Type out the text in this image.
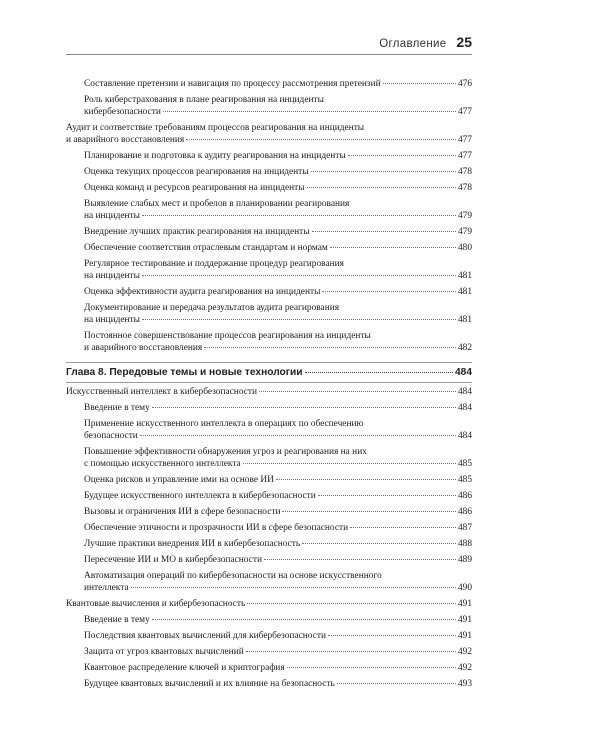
Оглавление 25
Составление претензии и навигация по процессу рассмотрения претензий	476
Роль киберстрахования в плане реагирования на инциденты
кибербезопасности	477
Аудит и соответствие требованиям процессов реагирования на инциденты
и аварийного восстановления	477
Планирование и подготовка к аудиту реагирования на инциденты	477
Оценка текущих процессов реагирования на инциденты	478
Оценка команд и ресурсов реагирования на инциденты	478
Выявление слабых мест и пробелов в планировании реагирования
на инциденты	479
Внедрение лучших практик реагирования на инциденты	479
Обеспечение соответствия отраслевым стандартам и нормам	480
Регулярное тестирование и поддержание процедур реагирования
на инциденты	481
Оценка эффективности аудита реагирования на инциденты	481
Документирование и передача результатов аудита реагирования
на инциденты	481
Постоянное совершенствование процессов реагирования на инциденты
и аварийного восстановления	482
Глава 8. Передовые темы и новые технологии	484
Искусственный интеллект в кибербезопасности	484
Введение в тему	484
Применение искусственного интеллекта в операциях по обеспечению
безопасности	484
Повышение эффективности обнаружения угроз и реагирования на них
с помощью искусственного интеллекта	485
Оценка рисков и управление ими на основе ИИ	485
Будущее искусственного интеллекта в кибербезопасности	486
Вызовы и ограничения ИИ в сфере безопасности	486
Обеспечение этичности и прозрачности ИИ в сфере безопасности	487
Лучшие практики внедрения ИИ в кибербезопасность	488
Пересечение ИИ и МО в кибербезопасности	489
Автоматизация операций по кибербезопасности на основе искусственного
интеллекта	490
Квантовые вычисления и кибербезопасность	491
Введение в тему	491
Последствия квантовых вычислений для кибербезопасности	491
Защита от угроз квантовых вычислений	492
Квантовое распределение ключей и криптография	492
Будущее квантовых вычислений и их влияние на безопасность	493
